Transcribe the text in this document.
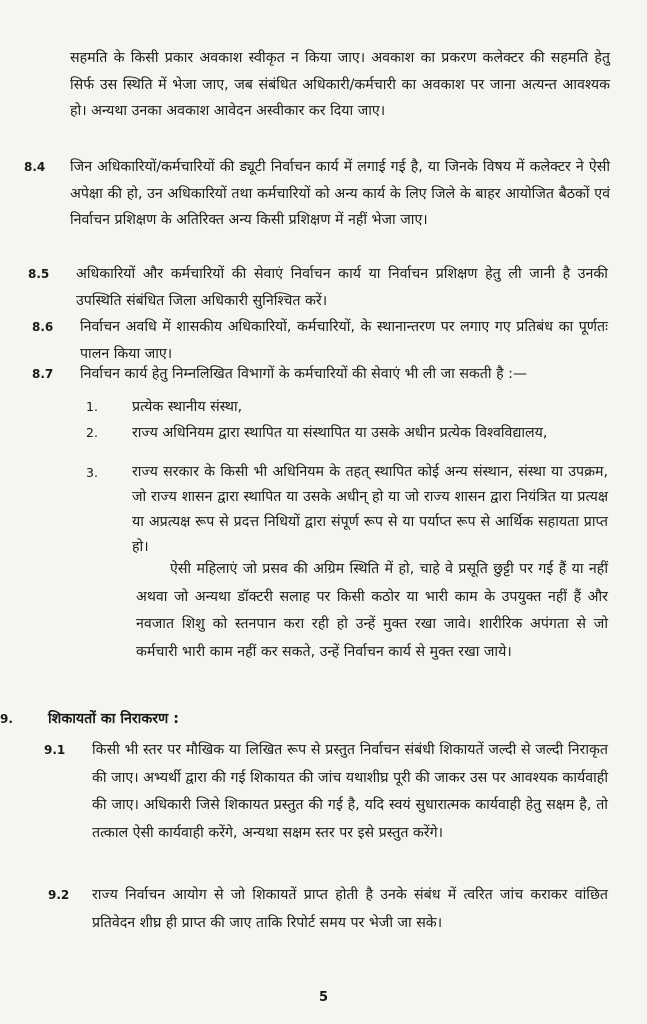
सहमति के किसी प्रकार अवकाश स्वीकृत न किया जाए। अवकाश का प्रकरण कलेक्टर की सहमति हेतु सिर्फ उस स्थिति में भेजा जाए, जब संबंधित अधिकारी/कर्मचारी का अवकाश पर जाना अत्यन्त आवश्यक हो। अन्यथा उनका अवकाश आवेदन अस्वीकार कर दिया जाए।

8.4 जिन अधिकारियों/कर्मचारियों की ड्यूटी निर्वाचन कार्य में लगाई गई है, या जिनके विषय में कलेक्टर ने ऐसी अपेक्षा की हो, उन अधिकारियों तथा कर्मचारियों को अन्य कार्य के लिए जिले के बाहर आयोजित बैठकों एवं निर्वाचन प्रशिक्षण के अतिरिक्त अन्य किसी प्रशिक्षण में नहीं भेजा जाए।

8.5 अधिकारियों और कर्मचारियों की सेवाएं निर्वाचन कार्य या निर्वाचन प्रशिक्षण हेतु ली जानी है उनकी उपस्थिति संबंधित जिला अधिकारी सुनिश्चित करें।

8.6 निर्वाचन अवधि में शासकीय अधिकारियों, कर्मचारियों, के स्थानान्तरण पर लगाए गए प्रतिबंध का पूर्णतः पालन किया जाए।

8.7 निर्वाचन कार्य हेतु निम्नलिखित विभागों के कर्मचारियों की सेवाएं भी ली जा सकती है :—

1. प्रत्येक स्थानीय संस्था,

2. राज्य अधिनियम द्वारा स्थापित या संस्थापित या उसके अधीन प्रत्येक विश्वविद्यालय,

3. राज्य सरकार के किसी भी अधिनियम के तहत् स्थापित कोई अन्य संस्थान, संस्था या उपक्रम, जो राज्य शासन द्वारा स्थापित या उसके अधीन् हो या जो राज्य शासन द्वारा नियंत्रित या प्रत्यक्ष या अप्रत्यक्ष रूप से प्रदत्त निधियों द्वारा संपूर्ण रूप से या पर्याप्त रूप से आर्थिक सहायता प्राप्त हो।

ऐसी महिलाएं जो प्रसव की अग्रिम स्थिति में हो, चाहे वे प्रसूति छुट्टी पर गई हैं या नहीं अथवा जो अन्यथा डॉक्टरी सलाह पर किसी कठोर या भारी काम के उपयुक्त नहीं हैं और नवजात शिशु को स्तनपान करा रही हो उन्हें मुक्त रखा जावे। शारीरिक अपंगता से जो कर्मचारी भारी काम नहीं कर सकते, उन्हें निर्वाचन कार्य से मुक्त रखा जाये।

9. शिकायतों का निराकरण :
9.1 किसी भी स्तर पर मौखिक या लिखित रूप से प्रस्तुत निर्वाचन संबंधी शिकायतें जल्दी से जल्दी निराकृत की जाए। अभ्यर्थी द्वारा की गई शिकायत की जांच यथाशीघ्र पूरी की जाकर उस पर आवश्यक कार्यवाही की जाए। अधिकारी जिसे शिकायत प्रस्तुत की गई है, यदि स्वयं सुधारात्मक कार्यवाही हेतु सक्षम है, तो तत्काल ऐसी कार्यवाही करेंगे, अन्यथा सक्षम स्तर पर इसे प्रस्तुत करेंगे।

9.2 राज्य निर्वाचन आयोग से जो शिकायतें प्राप्त होती है उनके संबंध में त्वरित जांच कराकर वांछित प्रतिवेदन शीघ्र ही प्राप्त की जाए ताकि रिपोर्ट समय पर भेजी जा सके।

5
